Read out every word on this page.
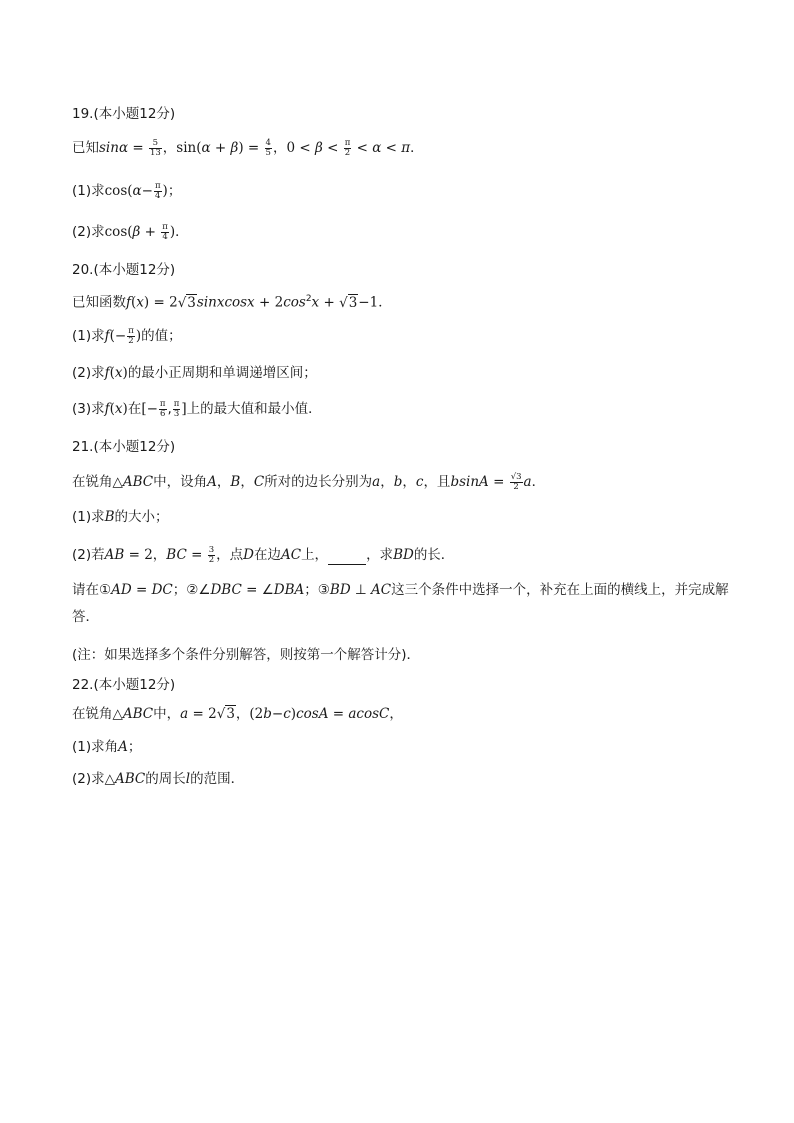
19.(本小题12分)
已知$\sin\alpha = \frac{5}{13}$ ，$\sin(\alpha + \beta) = \frac{4}{5}$ ，$0 < \beta < \frac{\pi}{2} < \alpha < \pi$．
(1)求$\cos(\alpha- \frac{\pi}{4}$ )；
(2)求$\cos(\beta + \frac{\pi}{4}$ )．
20.(本小题12分)
已知函数f(x) = 2√3sinxcosx + $2\cos^2x + √3-1$．
(1)求$f(- \frac{\pi}{2}$ )的值；
(2)求f(x)的最小正周期和单调递增区间；
(3)求f(x)在[− $\frac{\pi}{6}$ , $\frac{\pi}{3}$ ]上的最大值和最小值．
21.(本小题12分)
在锐角△ABC中，设角A，B，C所对的边长分别为a，b，c，且$bsinA = \frac{√3}{2}$ a．
(1)求B的大小；
(2)若AB = 2，BC = $\frac{3}{2}$ ，点D在边AC上，	，求BD的长．
请在①AD = DC；②∠DBC = ∠DBA；③BD ⊥ AC这三个条件中选择一个，补充在上面的横线上，并完成解答．
(注：如果选择多个条件分别解答，则按第一个解答计分)．
22.(本小题12分)
在锐角△ABC中，a = 2√3，(2b−c)cosA = acosC，
(1)求角A；
(2)求△ABC的周长l的范围．
